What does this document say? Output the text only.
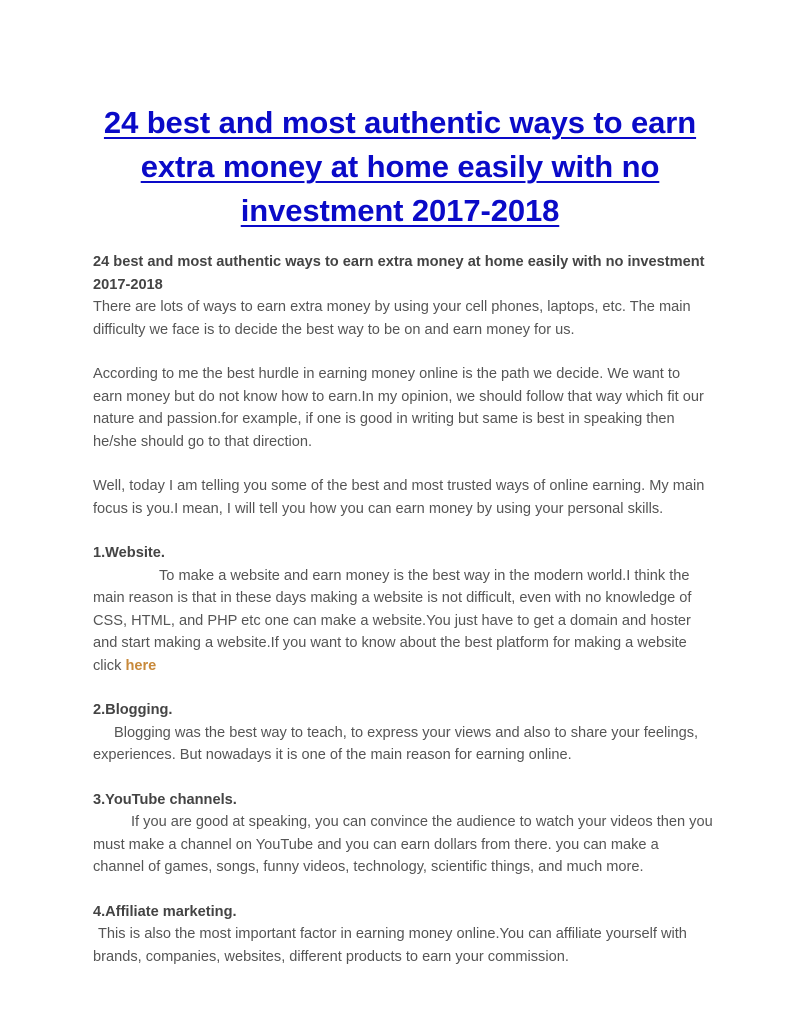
24 best and most authentic ways to earn extra money at home easily with no investment 2017-2018

24 best and most authentic ways to earn extra money at home easily with no investment 2017-2018

There are lots of ways to earn extra money by using your cell phones, laptops, etc. The main difficulty we face is to decide the best way to be on and earn money for us.

According to me the best hurdle in earning money online is the path we decide. We want to earn money but do not know how to earn.In my opinion, we should follow that way which fit our nature and passion.for example, if one is good in writing but same is best in speaking then he/she should go to that direction.

Well, today I am telling you some of the best and most trusted ways of online earning. My main focus is you.I mean, I will tell you how you can earn money by using your personal skills.

1.Website.

To make a website and earn money is the best way in the modern world.I think the main reason is that in these days making a website is not difficult, even with no knowledge of CSS, HTML, and PHP etc one can make a website.You just have to get a domain and hoster and start making a website.If you want to know about the best platform for making a website click here

2.Blogging.

Blogging was the best way to teach, to express your views and also to share your feelings, experiences. But nowadays it is one of the main reason for earning online.

3.YouTube channels.

If you are good at speaking, you can convince the audience to watch your videos then you must make a channel on YouTube and you can earn dollars from there. you can make a channel of games, songs, funny videos, technology, scientific things, and much more.

4.Affiliate marketing.

This is also the most important factor in earning money online.You can affiliate yourself with brands, companies, websites, different products to earn your commission.
